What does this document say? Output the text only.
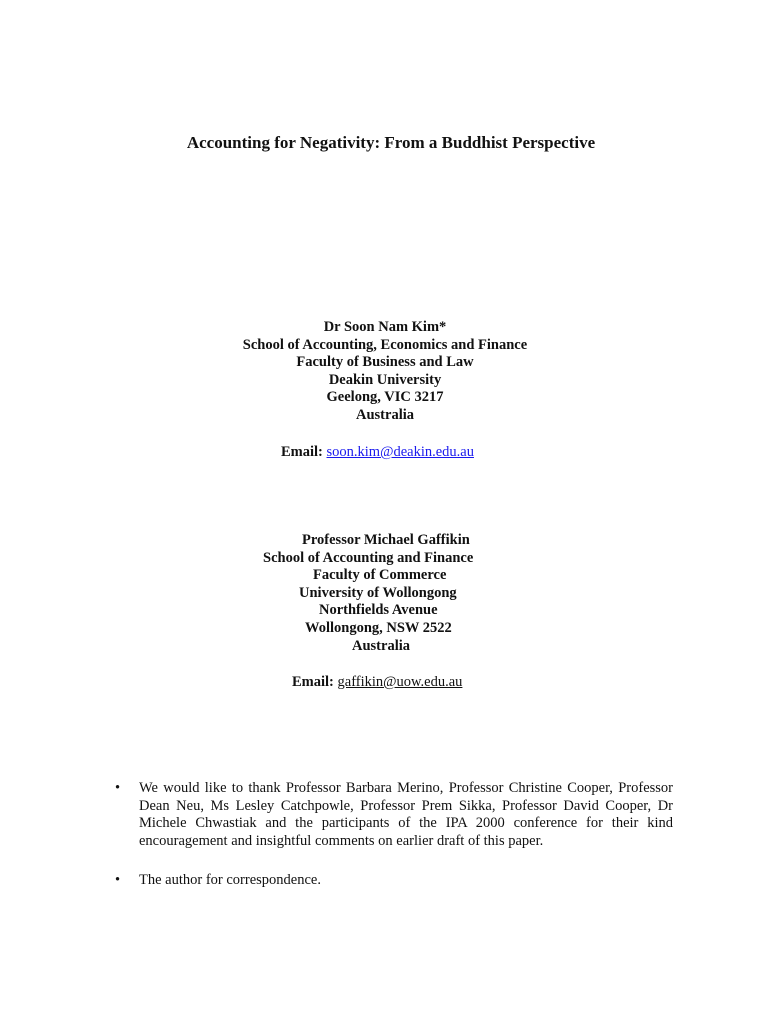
Accounting for Negativity: From a Buddhist Perspective
Dr Soon Nam Kim*
School of Accounting, Economics and Finance
Faculty of Business and Law
Deakin University
Geelong, VIC 3217
Australia
Email: soon.kim@deakin.edu.au
Professor Michael Gaffikin
School of Accounting and Finance
Faculty of Commerce
University of Wollongong
Northfields Avenue
Wollongong, NSW 2522
Australia
Email: gaffikin@uow.edu.au
• We would like to thank Professor Barbara Merino, Professor Christine Cooper, Professor Dean Neu, Ms Lesley Catchpowle, Professor Prem Sikka, Professor David Cooper, Dr Michele Chwastiak and the participants of the IPA 2000 conference for their kind encouragement and insightful comments on earlier draft of this paper.
• The author for correspondence.
